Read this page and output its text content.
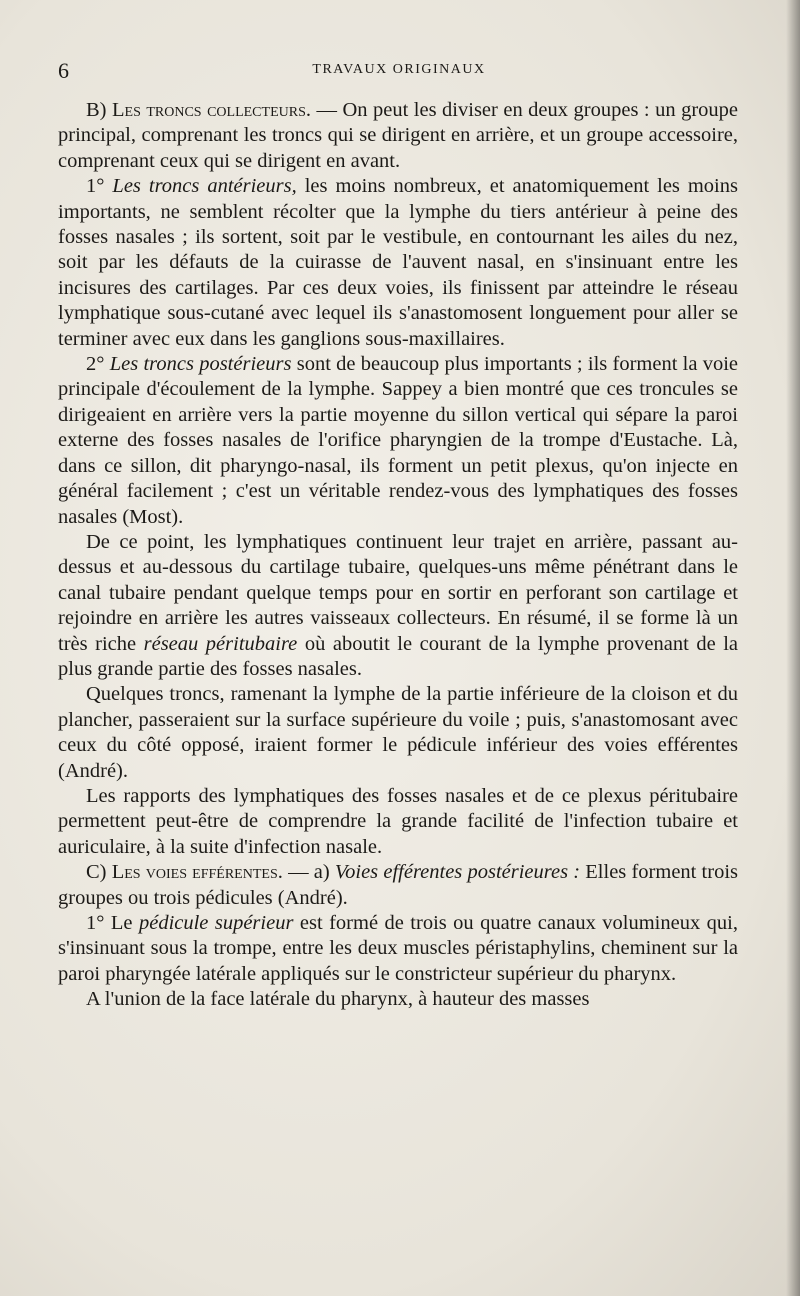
6	TRAVAUX ORIGINAUX

B) Les troncs collecteurs. — On peut les diviser en deux groupes : un groupe principal, comprenant les troncs qui se dirigent en arrière, et un groupe accessoire, comprenant ceux qui se dirigent en avant.

1° Les troncs antérieurs, les moins nombreux, et anatomiquement les moins importants, ne semblent récolter que la lymphe du tiers antérieur à peine des fosses nasales ; ils sortent, soit par le vestibule, en contournant les ailes du nez, soit par les défauts de la cuirasse de l'auvent nasal, en s'insinuant entre les incisures des cartilages. Par ces deux voies, ils finissent par atteindre le réseau lymphatique sous-cutané avec lequel ils s'anastomosent longuement pour aller se terminer avec eux dans les ganglions sous-maxillaires.

2° Les troncs postérieurs sont de beaucoup plus importants ; ils forment la voie principale d'écoulement de la lymphe. Sappey a bien montré que ces troncules se dirigeaient en arrière vers la partie moyenne du sillon vertical qui sépare la paroi externe des fosses nasales de l'orifice pharyngien de la trompe d'Eustache. Là, dans ce sillon, dit pharyngo-nasal, ils forment un petit plexus, qu'on injecte en général facilement ; c'est un véritable rendez-vous des lymphatiques des fosses nasales (Most).

De ce point, les lymphatiques continuent leur trajet en arrière, passant au-dessus et au-dessous du cartilage tubaire, quelques-uns même pénétrant dans le canal tubaire pendant quelque temps pour en sortir en perforant son cartilage et rejoindre en arrière les autres vaisseaux collecteurs. En résumé, il se forme là un très riche réseau péritubaire où aboutit le courant de la lymphe provenant de la plus grande partie des fosses nasales.

Quelques troncs, ramenant la lymphe de la partie inférieure de la cloison et du plancher, passeraient sur la surface supérieure du voile ; puis, s'anastomosant avec ceux du côté opposé, iraient former le pédicule inférieur des voies efférentes (André).

Les rapports des lymphatiques des fosses nasales et de ce plexus péritubaire permettent peut-être de comprendre la grande facilité de l'infection tubaire et auriculaire, à la suite d'infection nasale.

C) Les voies efférentes. — a) Voies efférentes postérieures : Elles forment trois groupes ou trois pédicules (André).

1° Le pédicule supérieur est formé de trois ou quatre canaux volumineux qui, s'insinuant sous la trompe, entre les deux muscles péristaphylins, cheminent sur la paroi pharyngée latérale appliqués sur le constricteur supérieur du pharynx.

A l'union de la face latérale du pharynx, à hauteur des masses
